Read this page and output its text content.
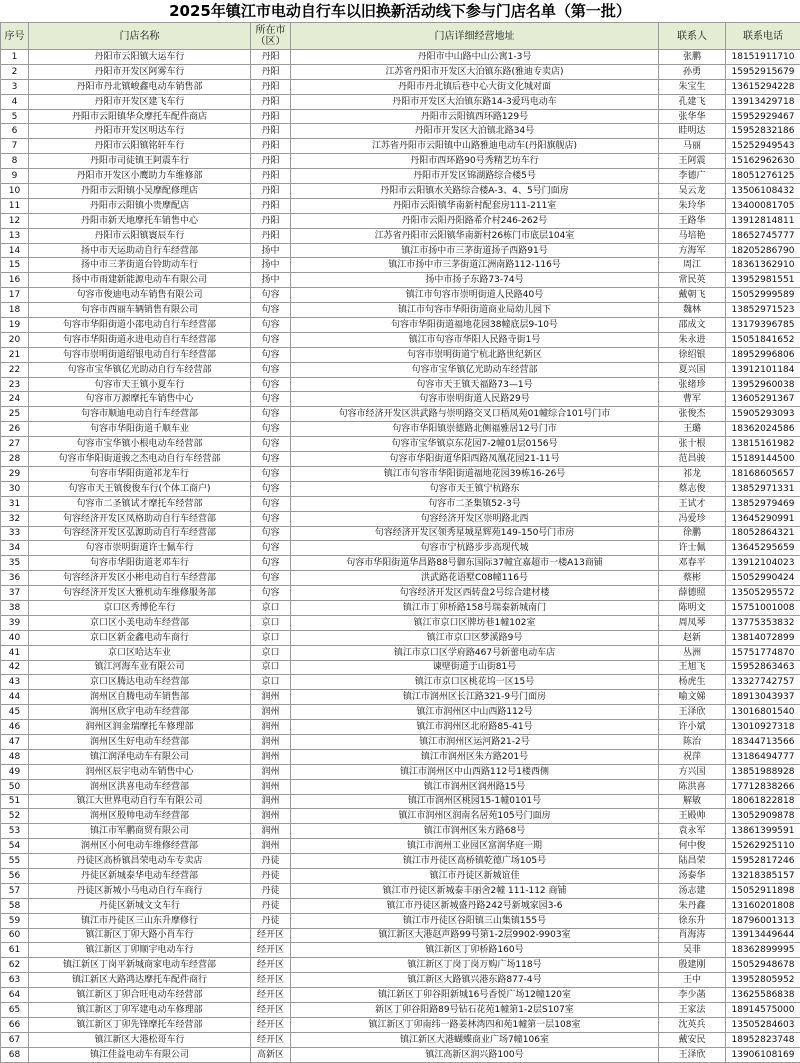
2025年镇江市电动自行车以旧换新活动线下参与门店名单（第一批）
序号	门店名称	所在市（区）	门店详细经营地址	联系人	联系电话
1	丹阳市云阳镇大运车行	丹阳	丹阳市中山路中山公寓1-3号	张鹏	18151911710
2	丹阳市开发区阿雾车行	丹阳	江苏省丹阳市开发区大泊镇东路(雅迪专卖店)	孙勇	15952915679
3	丹阳市丹北镇峻鑫电动车销售部	丹阳	丹阳市丹北镇后巷中心大街文化城对面	朱宝生	13615294228
4	丹阳市开发区建飞车行	丹阳	丹阳市开发区大泊镇东路14-3爱玛电动车	孔建飞	13913429718
5	丹阳市云阳镇华众摩托车配件商店	丹阳	丹阳市云阳镇西环路129号	张华华	15952929467
6	丹阳市开发区明达车行	丹阳	丹阳市开发区大泊镇北路34号	眭明达	15952832186
7	丹阳市云阳镇铭轩车行	丹阳	江苏省丹阳市云阳镇中山路雅迪电动车(丹阳旗舰店)	马丽	15252949543
8	丹阳市司徒镇王阿震车行	丹阳	丹阳市西环路90号秀精艺坊车行	王阿震	15162962630
9	丹阳市开发区小鹰助力车维修部	丹阳	丹阳市开发区锦湖路综合楼5号	李德广	18051276125
10	丹阳市云阳镇小吴摩配修理店	丹阳	丹阳市云阳镇水关路综合楼A-3、4、5号门面房	吴云龙	13506108432
11	丹阳市云阳镇小贵摩配店	丹阳	丹阳市云阳镇华南新村配套房111-211室	朱玲华	13400081705
12	丹阳市新天地摩托车销售中心	丹阳	丹阳市云阳丹阳路希介村246-262号	王路华	13912814811
13	丹阳市云阳镇寰辰车行	丹阳	江苏省丹阳市云阳镇华南新村26栋门市底层104室	马培艳	18652745777
14	扬中市天运助动自行车经营部	扬中	镇江市扬中市三茅街道扬子西路91号	方海军	18205286790
15	扬中市三茅街道台铃助动车行	扬中	镇江市扬中市三茅街道江洲南路112-116号	周江	18361362910
16	扬中市雨建新能源电动车有限公司	扬中	扬中市扬子东路73-74号	常民英	13952981551
17	句容市俊迪电动车销售有限公司	句容	镇江市句容市崇明街道人民路40号	戴朝飞	15052999589
18	句容市西丽车辆销售有限公司	句容	镇江市句容市华阳街道商业局幼儿园下	魏林	13852971523
19	句容市华阳街道小邵电动自行车经营部	句容	句容市华阳街道福地花园38幢底层9-10号	邵成文	13179396785
20	句容市华阳街道永进电动自行车经营部	句容	镇江市句容市华阳人民路寺街1号	朱永进	15051841652
21	句容市崇明街道绍银电动自行车经营部	句容	句容市崇明街道宁杭北路世纪新区	徐绍银	18952996806
22	句容市宝华镇亿光助动自行车经营部	句容	句容市宝华镇亿光助动车经营部	夏兴国	13912101184
23	句容市天王镇小夏车行	句容	句容市天王镇天福路73—1号	张绪珍	13952960038
24	句容市万源摩托车销售中心	句容	句容市崇明街道人民路29号	曹军	13605291367
25	句容市顺迪电动自行车经营部	句容	句容市经济开发区洪武路与崇明路交叉口梧凤苑01幢综合101号门市	张俊杰	15905293093
26	句容市华阳街道千顺车业	句容	句容市华阳镇崇德路北侧福雅居12号门市	王璐	18362024586
27	句容市宝华镇小根电动车经营部	句容	句容市宝华镇京东花园7-2幢01层0156号	张十根	13815161982
28	句容市华阳街道骏之杰电动自行车经营部	句容	句容市华阳街道华阳西路凤凰花园21-11号	范昌骏	15189144500
29	句容市华阳街道祁龙车行	句容	镇江市句容市华阳街道福地花园39栋16-26号	祁龙	18168605657
30	句容市天王镇俊俊车行(个体工商户)	句容	句容市天王镇宁杭路东	蔡志俊	13852971331
31	句容市二圣镇试才摩托车经营部	句容	句容市二圣集镇52-3号	王试才	13852979469
32	句容经济开发区凤格助动自行车经营部	句容	句容经济开发区崇明路北西	冯爱珍	13645290991
33	句容经济开发区弘源助动自行车经营部	句容	句容经济开发区领秀星城星辉苑149-150号门市房	徐鹏	18052864321
34	句容市崇明街道许士佩车行	句容	句容市宁杭路步步高现代城	许士佩	13645295659
35	句容市华阳街道老邓车行	句容	句容市华阳街道华昌路88号御东国际37幢宜嘉超市一楼A13商铺	邓春平	13912104023
36	句容经济开发区小彬电动自行车经营部	句容	洪武路花语墅C08幢116号	蔡彬	15052990424
37	句容经济开发区大雅机动车维修服务部	句容	句容经济开发区西转盘2号综合建材楼	薛德照	13505295572
38	京口区秀博伦车行	京口	镇江市丁卯桥路158号瑞泰新城南门	陈明文	15751001008
39	京口区小美电动车经营部	京口	镇江市京口区牌坊巷1幢102室	周凤琴	13775353832
40	京口区新金鑫电动车商行	京口	镇江市京口区梦溪路9号	赵新	13814072899
41	京口区哈达车业	京口	镇江市京口区学府路467号新蕾电动车店	丛洲	15751774870
42	镇江河海车业有限公司	京口	谏壁街道于山街81号	王旭飞	15952863463
43	京口区腾达电动车经营部	京口	镇江市京口区桃花坞一区15号	杨虎生	13327742757
44	润州区自腾电动车销售部	润州	镇江市润州区长江路321-9号门面房	喻文娣	18913043937
45	润州区欣宇电动车经营部	润州	镇江市润州区中山西路112号	王泽欣	13016801540
46	润州区润金瑞摩托车修理部	润州	镇江市润州区北府路85-41号	许小斌	13010927318
47	润州区生好电动车经营部	润州	镇江市润州区运河路21-2号	陈治	18344713566
48	镇江润泽电动车有限公司	润州	镇江市润州区朱方路201号	祝萍	13186494777
49	润州区辰宇电动车销售中心	润州	镇江市润州区中山西路112号1楼西侧	方兴国	13851988928
50	润州区洪喜电动车经营部	润州	镇江市润州区润州路15号	陈洪喜	17712838266
51	镇江大世界电动自行车有限公司	润州	镇江市润州区桃园15-1幢0101号	解敏	18061822818
52	润州区殷帅电动车经营部	润州	镇江市润州区润南名居苑105号门面房	王殿帅	13052909878
53	镇江市军鹏商贸有限公司	润州	镇江市润州区朱方路68号	袁永军	13861399591
54	润州区小何电动车维修经营部	润州	镇江市润州工业园区富润华庭一期	何中俊	15262925110
55	丹徒区高桥镇昌荣电动车专卖店	丹徒	镇江市丹徒区高桥镇乾德广场105号	陆昌荣	15952817246
56	丹徒区新城泰华电动车经营部	丹徒	镇江市丹徒区新城谊佳	汤泰华	13218385157
57	丹徒区新城小马电动自行车商行	丹徒	镇江市丹徒区新城泰丰丽舍2幢 111-112 商铺	汤志建	15052911898
58	丹徒区新城文文车行	丹徒	镇江市丹徒区新城盛丹路242号新城家园3-6	朱丹鑫	13160201808
59	镇江市丹徒区三山东升摩修行	丹徒	镇江市丹徒区谷阳镇三山集镇155号	徐东升	18796001313
60	镇江新区丁卯大路小肖车行	经开区	镇江新区大港赵声路99号第1-2层9902-9903室	肖海涛	13913449644
61	镇江新区丁卯顺宇电动车行	经开区	镇江新区丁卯桥路160号	吴菲	18362899995
62	镇江新区丁岗平新城商家电动车经营部	经开区	镇江新区丁岗丁岗万购广场118号	殷建刚	15052948678
63	镇江新区大路鸿达摩托车配件商行	经开区	镇江新区大路镇兴港东路877-4号	王中	13952805952
64	镇江新区丁卯合旺电动车经营部	经开区	镇江新区丁卯谷阳新城16号香悦广场12幢120室	李少菡	13625586838
65	镇江新区丁卯军建电动车修理部	经开区	新区丁卯谷阳路89号钻石花苑1幢第1-2层S107室	王家法	18914575000
66	镇江新区丁卯先锋摩托车经营部	经开区	镇江新区丁卯南纬一路姜林湾四和苑1幢第一层108室	沈英兵	13505284603
67	镇江新区大港松哥车行	经开区	镇江新区大港蝴蝶商业广场7幢106室	戴安民	18952823748
68	镇江佳益电动车有限公司	高新区	镇江高新区润兴路100号	王泽欣	13906108169
